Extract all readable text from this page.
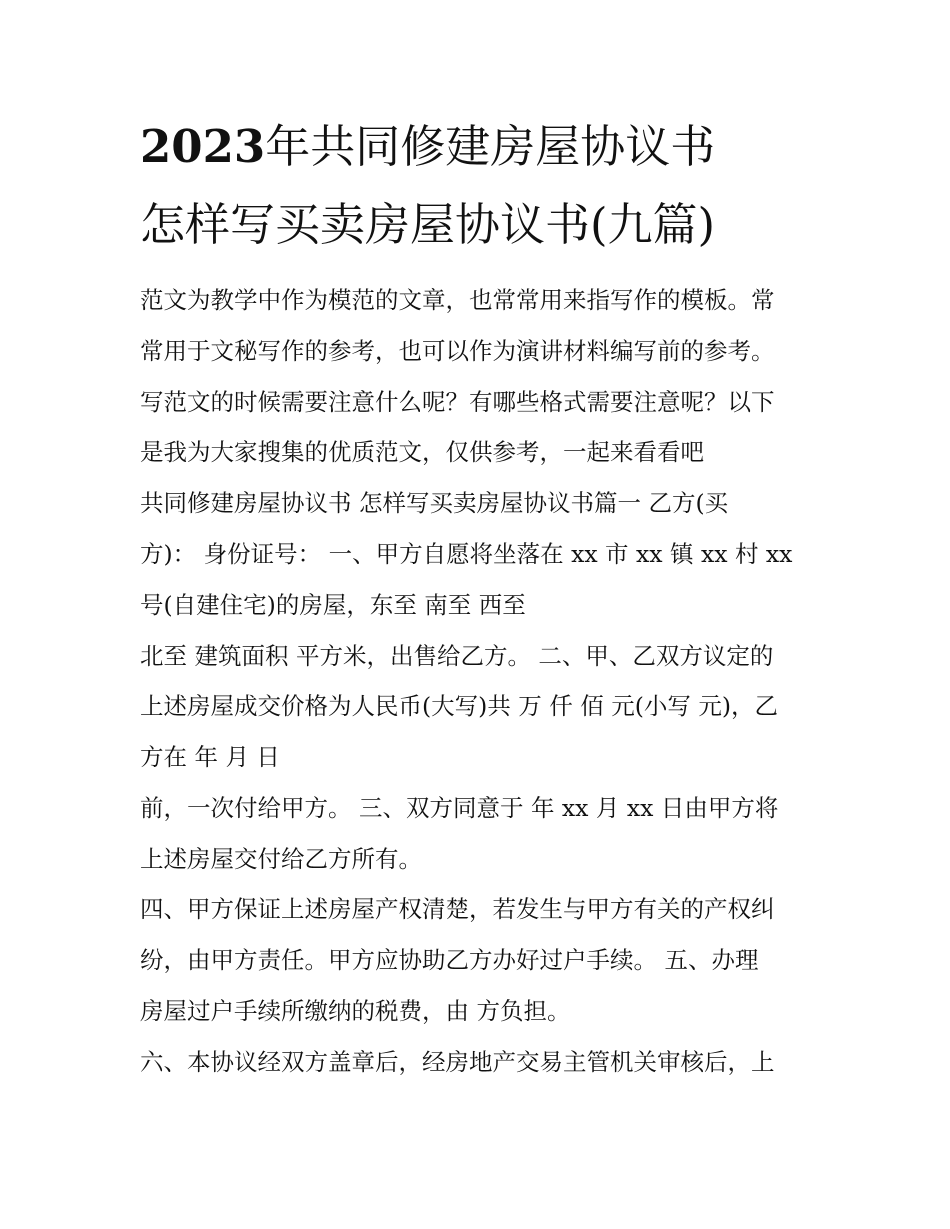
2023年共同修建房屋协议书
怎样写买卖房屋协议书(九篇)

范文为教学中作为模范的文章，也常常用来指写作的模板。常

常用于文秘写作的参考，也可以作为演讲材料编写前的参考。

写范文的时候需要注意什么呢？有哪些格式需要注意呢？以下

是我为大家搜集的优质范文，仅供参考，一起来看看吧

共同修建房屋协议书 怎样写买卖房屋协议书篇一 乙方(买

方)： 身份证号： 一、甲方自愿将坐落在 xx 市 xx 镇 xx 村 xx

号(自建住宅)的房屋，东至 南至 西至

北至 建筑面积 平方米，出售给乙方。 二、甲、乙双方议定的

上述房屋成交价格为人民币(大写)共 万 仟 佰 元(小写 元)，乙

方在 年 月 日

前，一次付给甲方。 三、双方同意于 年 xx 月 xx 日由甲方将

上述房屋交付给乙方所有。

四、甲方保证上述房屋产权清楚，若发生与甲方有关的产权纠

纷，由甲方责任。甲方应协助乙方办好过户手续。 五、办理

房屋过户手续所缴纳的税费，由 方负担。

六、本协议经双方盖章后，经房地产交易主管机关审核后，上
